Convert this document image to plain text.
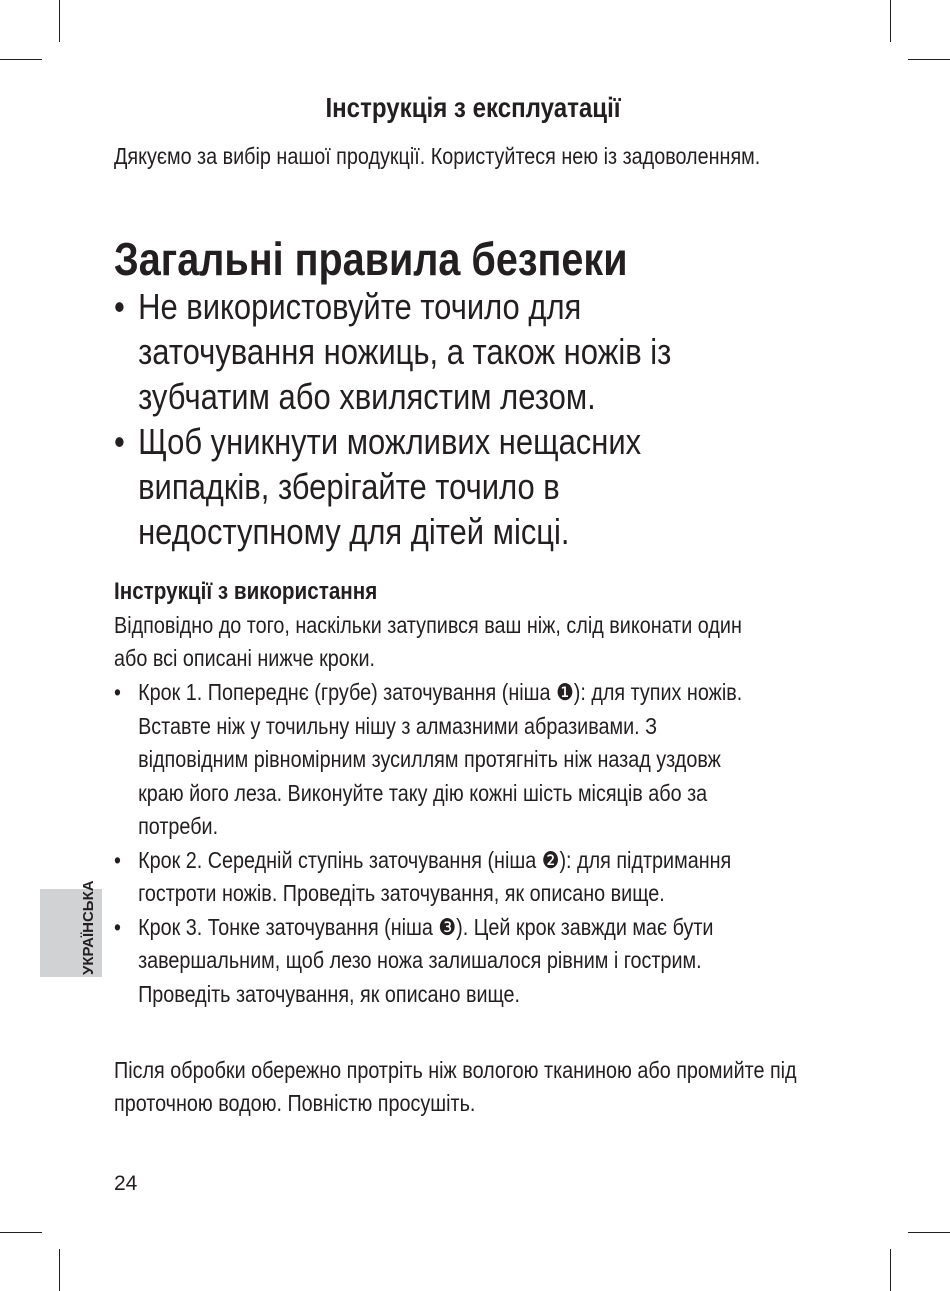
Інструкція з експлуатації
Дякуємо за вибір нашої продукції. Користуйтеся нею із задоволенням.
Загальні правила безпеки
• Не використовуйте точило для заточування ножиць, а також ножів із зубчатим або хвилястим лезом.
• Щоб уникнути можливих нещасних випадків, зберігайте точило в недоступному для дітей місці.
Інструкції з використання
Відповідно до того, наскільки затупився ваш ніж, слід виконати один або всі описані нижче кроки.
• Крок 1. Попереднє (грубе) заточування (ніша ❶): для тупих ножів. Вставте ніж у точильну нішу з алмазними абразивами. З відповідним рівномірним зусиллям протягніть ніж назад уздовж краю його леза. Виконуйте таку дію кожні шість місяців або за потреби.
• Крок 2. Середній ступінь заточування (ніша ❷): для підтримання гостроти ножів. Проведіть заточування, як описано вище.
• Крок 3. Тонке заточування (ніша ❸). Цей крок завжди має бути завершальним, щоб лезо ножа залишалося рівним і гострим. Проведіть заточування, як описано вище.
Після обробки обережно протріть ніж вологою тканиною або промийте під проточною водою. Повністю просушіть.
УКРАЇНСЬКА
24
